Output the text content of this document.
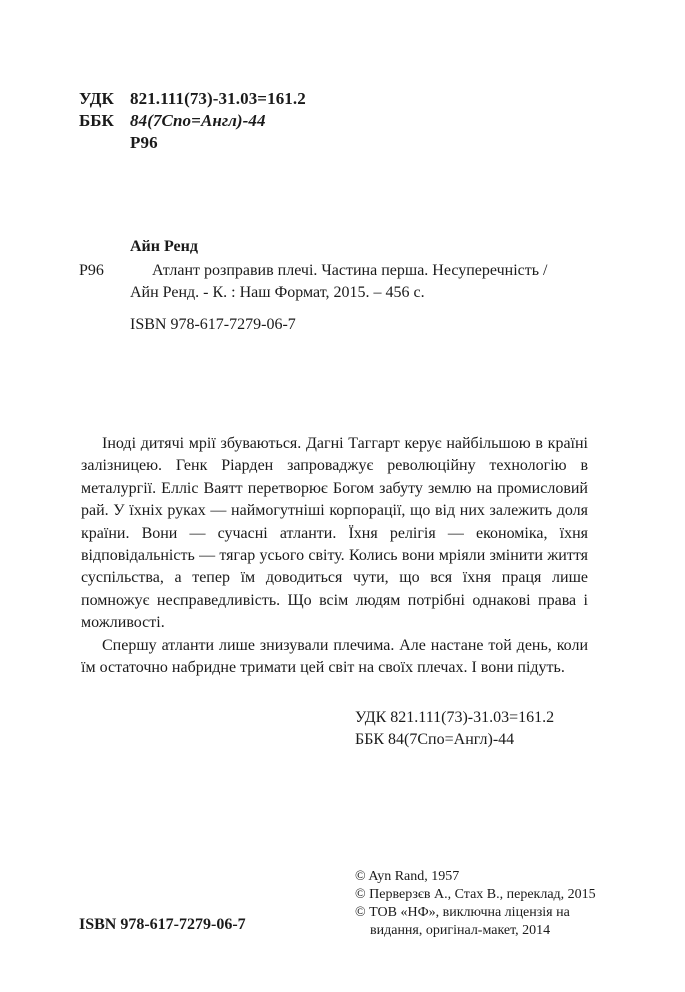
УДК 821.111(73)-31.03=161.2
ББК 84(7Спо=Англ)-44
Р96
Айн Ренд
Р96	Атлант розправив плечі. Частина перша. Несуперечність /
Айн Ренд. - К. : Наш Формат, 2015. – 456 с.
ISBN 978-617-7279-06-7

Іноді дитячі мрії збуваються. Дагні Таггарт керує найбільшою в країні залізницею. Генк Ріарден запроваджує революційну технологію в металургії. Елліс Ваятт перетворює Богом забуту землю на промисловий рай. У їхніх руках — наймогутніші корпорації, що від них залежить доля країни. Вони — сучасні атланти. Їхня релігія — економіка, їхня відповідальність — тягар усього світу. Колись вони мріяли змінити життя суспільства, а тепер їм доводиться чути, що вся їхня праця лише помножує несправедливість. Що всім людям потрібні однакові права і можливості.

Спершу атланти лише знизували плечима. Але настане той день, коли їм остаточно набридне тримати цей світ на своїх плечах. І вони підуть.

УДК 821.111(73)-31.03=161.2
ББК 84(7Спо=Англ)-44
© Ayn Rand, 1957
© Перверзєв А., Стах В., переклад, 2015
© ТОВ «НФ», виключна ліцензія на
видання, оригінал-макет, 2014
ISBN 978-617-7279-06-7
